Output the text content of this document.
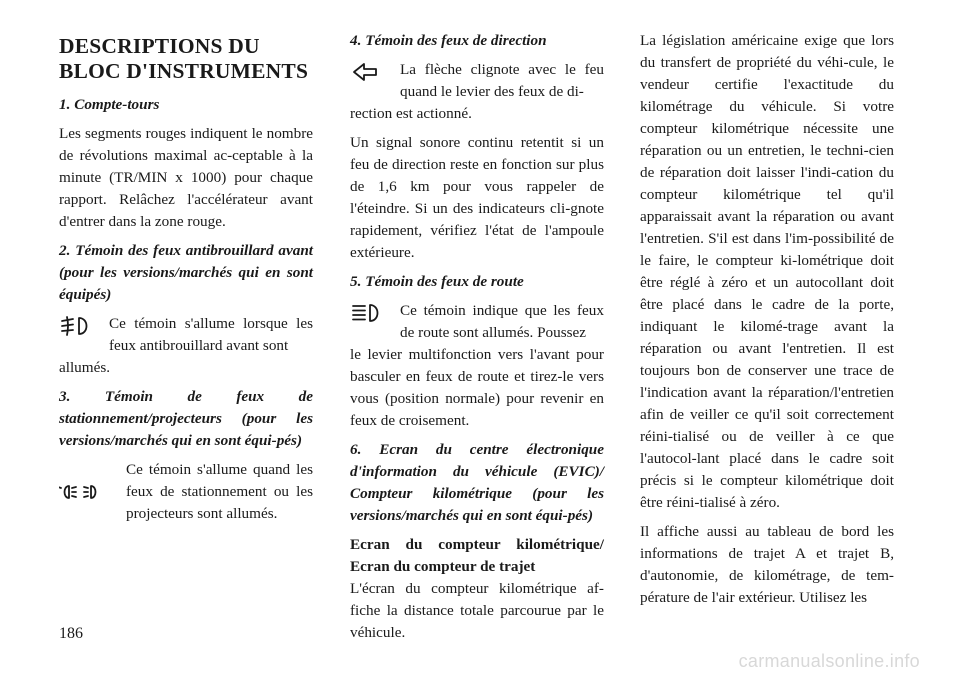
DESCRIPTIONS DU
BLOC D'INSTRUMENTS
1. Compte-tours

Les segments rouges indiquent le nombre de révolutions maximal ac-ceptable à la minute (TR/MIN x 1000) pour chaque rapport. Relâchez l'accélérateur avant d'entrer dans la zone rouge.

2. Témoin des feux antibrouillard avant (pour les versions/marchés qui en sont équipés)
Ce témoin s'allume lorsque les feux antibrouillard avant sont

allumés.

3. Témoin de feux de stationnement/projecteurs (pour les versions/marchés qui en sont équi-pés)
Ce témoin s'allume quand les feux de stationnement ou les projecteurs sont allumés.
4. Témoin des feux de direction
La flèche clignote avec le feu quand le levier des feux de di-

rection est actionné.

Un signal sonore continu retentit si un feu de direction reste en fonction sur plus de 1,6 km pour vous rappeler de l'éteindre. Si un des indicateurs cli-gnote rapidement, vérifiez l'état de l'ampoule extérieure.

5. Témoin des feux de route
Ce témoin indique que les feux de route sont allumés. Poussez

le levier multifonction vers l'avant pour basculer en feux de route et tirez-le vers vous (position normale) pour revenir en feux de croisement.

6. Ecran du centre électronique d'information du véhicule (EVIC)/ Compteur kilométrique (pour les versions/marchés qui en sont équi-pés)
Ecran du compteur kilométrique/ Ecran du compteur de trajet

L'écran du compteur kilométrique af-fiche la distance totale parcourue par le véhicule.

La législation américaine exige que lors du transfert de propriété du véhi-cule, le vendeur certifie l'exactitude du kilométrage du véhicule. Si votre compteur kilométrique nécessite une réparation ou un entretien, le techni-cien de réparation doit laisser l'indi-cation du compteur kilométrique tel qu'il apparaissait avant la réparation ou avant l'entretien. S'il est dans l'im-possibilité de le faire, le compteur ki-lométrique doit être réglé à zéro et un autocollant doit être placé dans le cadre de la porte, indiquant le kilomé-trage avant la réparation ou avant l'entretien. Il est toujours bon de conserver une trace de l'indication avant la réparation/l'entretien afin de veiller ce qu'il soit correctement réini-tialisé ou de veiller à ce que l'autocol-lant placé dans le cadre soit précis si le compteur kilométrique doit être réini-tialisé à zéro.

Il affiche aussi au tableau de bord les informations de trajet A et trajet B, d'autonomie, de kilométrage, de tem-pérature de l'air extérieur. Utilisez les

186
carmanualsonline.info
